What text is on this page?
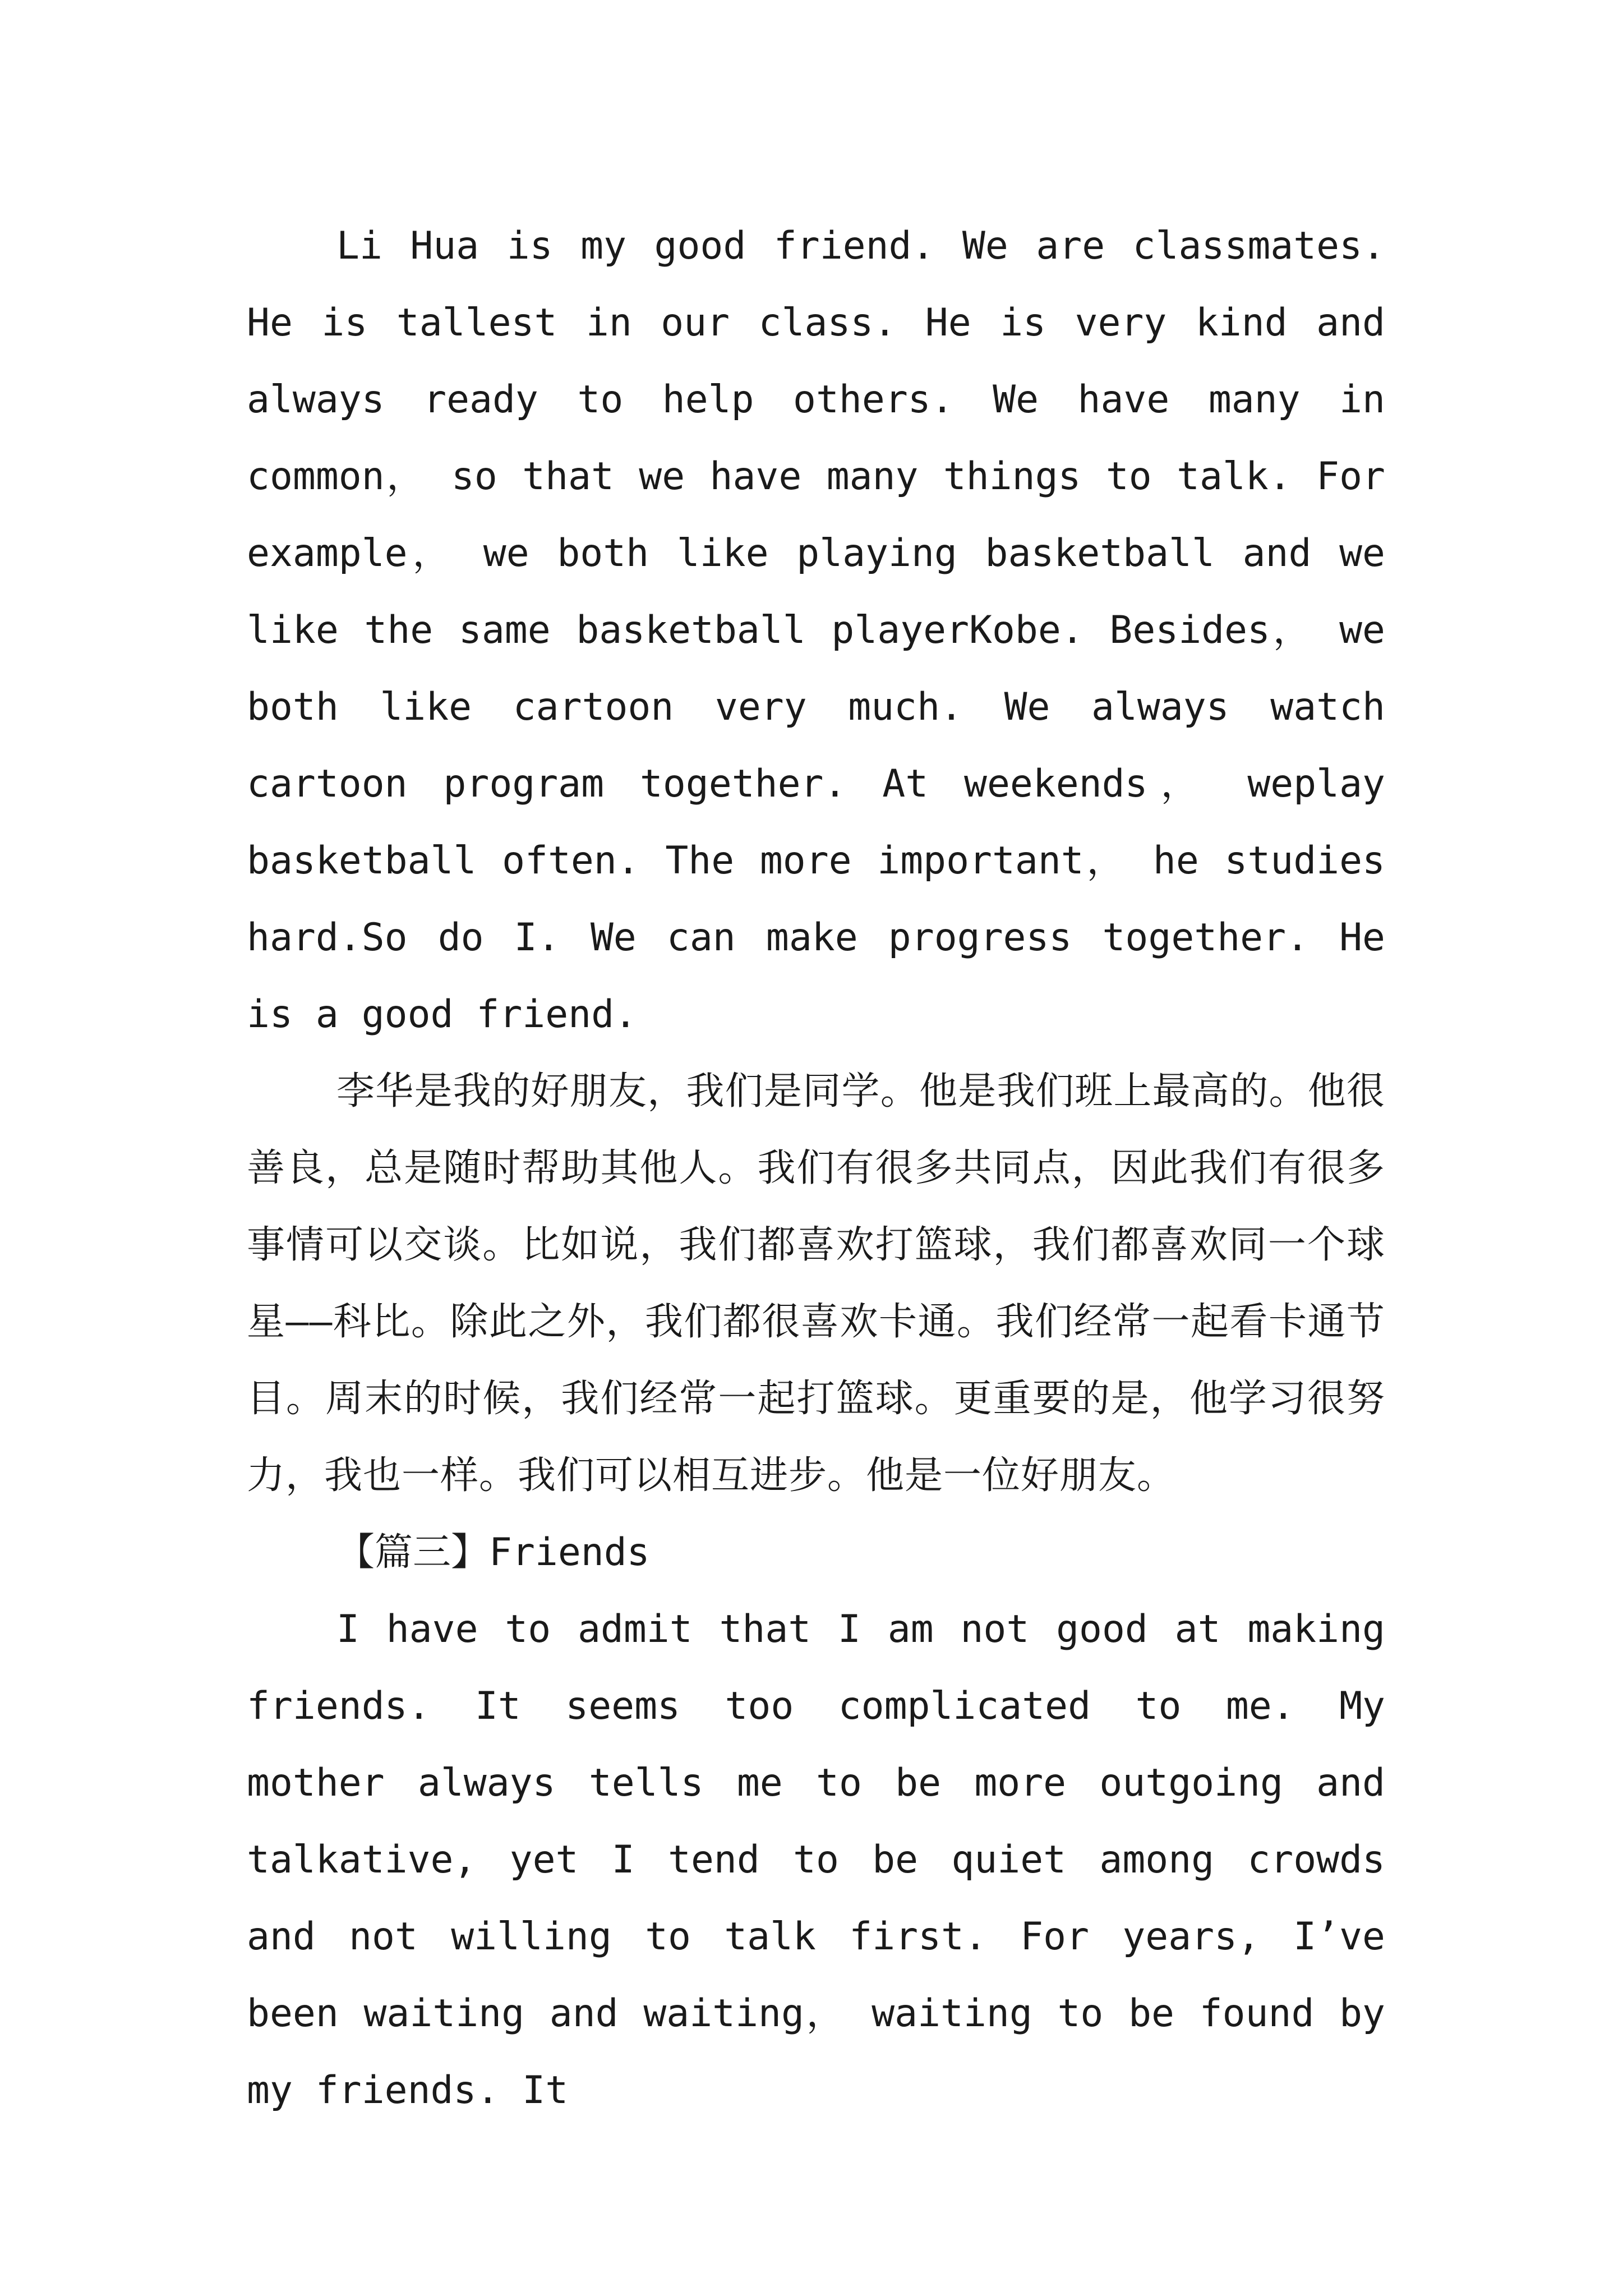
Li Hua is my good friend. We are classmates. He is tallest in our class. He is very kind and always ready to help others. We have many in common， so that we have many things to talk. For example， we both like playing basketball and we like the same basketball playerKobe. Besides， we both like cartoon very much. We always watch cartoon program together. At weekends， weplay basketball often. The more important， he studies hard.So do I. We can make progress together. He is a good friend.

李华是我的好朋友，我们是同学。他是我们班上最高的。他很善良，总是随时帮助其他人。我们有很多共同点，因此我们有很多事情可以交谈。比如说，我们都喜欢打篮球，我们都喜欢同一个球星——科比。除此之外，我们都很喜欢卡通。我们经常一起看卡通节目。周末的时候，我们经常一起打篮球。更重要的是，他学习很努力，我也一样。我们可以相互进步。他是一位好朋友。

【篇三】Friends

I have to admit that I am not good at making friends. It seems too complicated to me. My mother always tells me to be more outgoing and talkative, yet I tend to be quiet among crowds and not willing to talk first. For years, I’ve been waiting and waiting， waiting to be found by my friends. It
